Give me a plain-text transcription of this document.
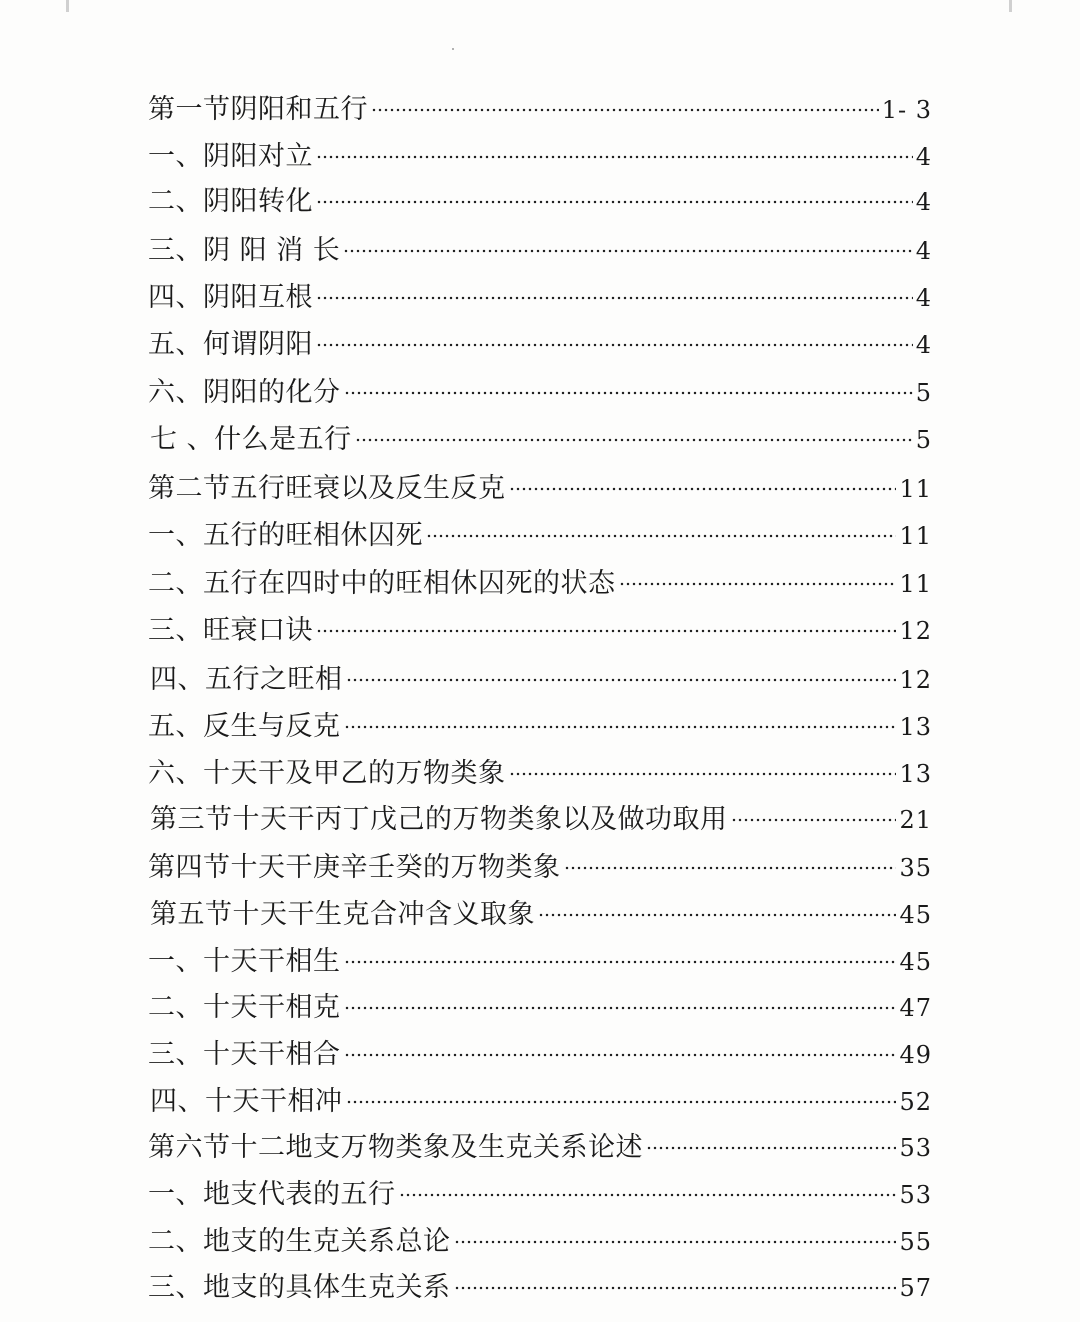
第一节阴阳和五行	1- 3
一、阴阳对立	4
二、阴阳转化	4
三、阴 阳 消 长	4
四、阴阳互根	4
五、何谓阴阳	4
六、阴阳的化分	5
七 、什么是五行	5
第二节五行旺衰以及反生反克	11
一、五行的旺相休囚死	11
二、五行在四时中的旺相休囚死的状态	11
三、旺衰口诀	12
四、五行之旺相	12
五、反生与反克	13
六、十天干及甲乙的万物类象	13
第三节十天干丙丁戊己的万物类象以及做功取用	21
第四节十天干庚辛壬癸的万物类象	35
第五节十天干生克合冲含义取象	45
一、十天干相生	45
二、十天干相克	47
三、十天干相合	49
四、十天干相冲	52
第六节十二地支万物类象及生克关系论述	53
一、地支代表的五行	53
二、地支的生克关系总论	55
三、地支的具体生克关系	57
